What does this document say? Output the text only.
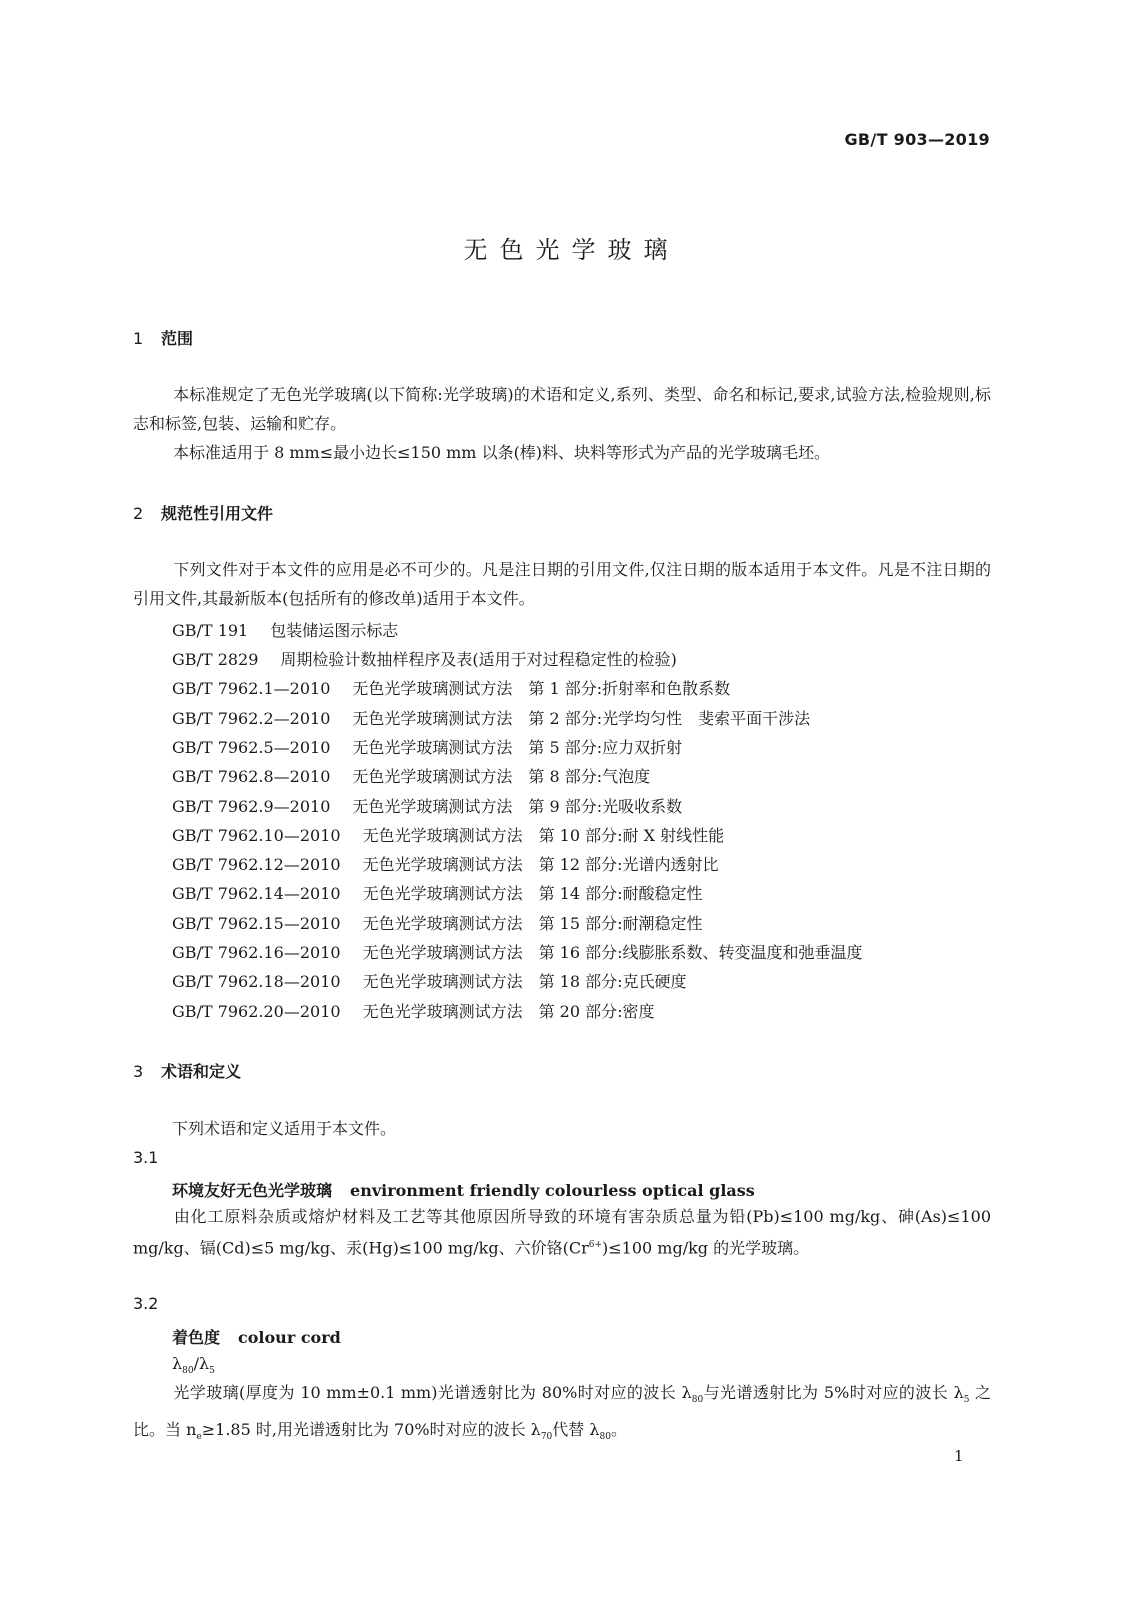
GB/T 903—2019
无色光学玻璃
1 范围
本标准规定了无色光学玻璃(以下简称:光学玻璃)的术语和定义,系列、类型、命名和标记,要求,试验方法,检验规则,标志和标签,包装、运输和贮存。
本标准适用于 8 mm≤最小边长≤150 mm 以条(棒)料、块料等形式为产品的光学玻璃毛坯。
2 规范性引用文件
下列文件对于本文件的应用是必不可少的。凡是注日期的引用文件,仅注日期的版本适用于本文件。凡是不注日期的引用文件,其最新版本(包括所有的修改单)适用于本文件。
GB/T 191 包装储运图示标志
GB/T 2829 周期检验计数抽样程序及表(适用于对过程稳定性的检验)
GB/T 7962.1—2010 无色光学玻璃测试方法　第 1 部分:折射率和色散系数
GB/T 7962.2—2010 无色光学玻璃测试方法　第 2 部分:光学均匀性　斐索平面干涉法
GB/T 7962.5—2010 无色光学玻璃测试方法　第 5 部分:应力双折射
GB/T 7962.8—2010 无色光学玻璃测试方法　第 8 部分:气泡度
GB/T 7962.9—2010 无色光学玻璃测试方法　第 9 部分:光吸收系数
GB/T 7962.10—2010 无色光学玻璃测试方法　第 10 部分:耐 X 射线性能
GB/T 7962.12—2010 无色光学玻璃测试方法　第 12 部分:光谱内透射比
GB/T 7962.14—2010 无色光学玻璃测试方法　第 14 部分:耐酸稳定性
GB/T 7962.15—2010 无色光学玻璃测试方法　第 15 部分:耐潮稳定性
GB/T 7962.16—2010 无色光学玻璃测试方法　第 16 部分:线膨胀系数、转变温度和弛垂温度
GB/T 7962.18—2010 无色光学玻璃测试方法　第 18 部分:克氏硬度
GB/T 7962.20—2010 无色光学玻璃测试方法　第 20 部分:密度
3 术语和定义
下列术语和定义适用于本文件。
3.1
环境友好无色光学玻璃 environment friendly colourless optical glass
由化工原料杂质或熔炉材料及工艺等其他原因所导致的环境有害杂质总量为铅(Pb)≤100 mg/kg、砷(As)≤100 mg/kg、镉(Cd)≤5 mg/kg、汞(Hg)≤100 mg/kg、六价铬$(Cr^{6+})\le 100$ mg/kg 的光学玻璃。
3.2
着色度 colour cord
$\lambda_{80}/\lambda_5$
光学玻璃(厚度为 10 mm±0.1 mm)光谱透射比为 80%时对应的波长 $\lambda_{80}$与光谱透射比为 5%时对应的波长 $\lambda_5$ 之比。当 $n_e\ge 1.85$ 时,用光谱透射比为 70%时对应的波长 $\lambda_{70}$代替 $\lambda_{80}$。
1
